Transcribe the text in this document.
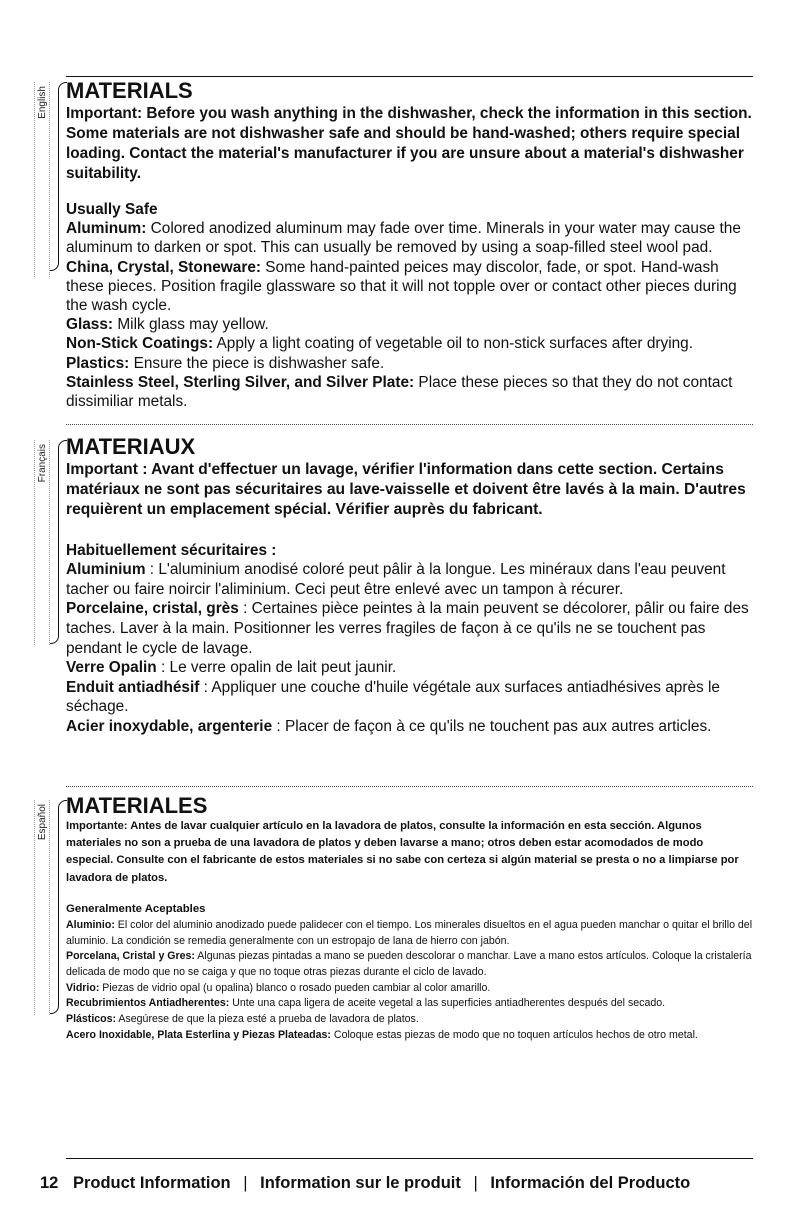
English MATERIALS

Important: Before you wash anything in the dishwasher, check the information in this section. Some materials are not dishwasher safe and should be hand-washed; others require special loading. Contact the material's manufacturer if you are unsure about a material's dishwasher suitability.

Usually Safe

Aluminum: Colored anodized aluminum may fade over time. Minerals in your water may cause the aluminum to darken or spot. This can usually be removed by using a soap-filled steel wool pad.

China, Crystal, Stoneware: Some hand-painted peices may discolor, fade, or spot. Hand-wash these pieces. Position fragile glassware so that it will not topple over or contact other pieces during the wash cycle.

Glass: Milk glass may yellow.

Non-Stick Coatings: Apply a light coating of vegetable oil to non-stick surfaces after drying.

Plastics: Ensure the piece is dishwasher safe.

Stainless Steel, Sterling Silver, and Silver Plate: Place these pieces so that they do not contact dissimiliar metals.

Français MATERIAUX

Important : Avant d'effectuer un lavage, vérifier l'information dans cette section. Certains matériaux ne sont pas sécuritaires au lave-vaisselle et doivent être lavés à la main. D'autres requièrent un emplacement spécial. Vérifier auprès du fabricant.

Habituellement sécuritaires :

Aluminium : L'aluminium anodisé coloré peut pâlir à la longue. Les minéraux dans l'eau peuvent tacher ou faire noircir l'aliminium. Ceci peut être enlevé avec un tampon à récurer.

Porcelaine, cristal, grès : Certaines pièce peintes à la main peuvent se décolorer, pâlir ou faire des taches. Laver à la main. Positionner les verres fragiles de façon à ce qu'ils ne se touchent pas pendant le cycle de lavage.

Verre Opalin : Le verre opalin de lait peut jaunir.

Enduit antiadhésif : Appliquer une couche d'huile végétale aux surfaces antiadhésives après le séchage.

Acier inoxydable, argenterie : Placer de façon à ce qu'ils ne touchent pas aux autres articles.

Español MATERIALES

Importante: Antes de lavar cualquier artículo en la lavadora de platos, consulte la información en esta sección. Algunos materiales no son a prueba de una lavadora de platos y deben lavarse a mano; otros deben estar acomodados de modo especial. Consulte con el fabricante de estos materiales si no sabe con certeza si algún material se presta o no a limpiarse por lavadora de platos.

Generalmente Aceptables

Aluminio: El color del aluminio anodizado puede palidecer con el tiempo. Los minerales disueltos en el agua pueden manchar o quitar el brillo del aluminio. La condición se remedia generalmente con un estropajo de lana de hierro con jabón.

Porcelana, Cristal y Gres: Algunas piezas pintadas a mano se pueden descolorar o manchar. Lave a mano estos artículos. Coloque la cristalería delicada de modo que no se caiga y que no toque otras piezas durante el ciclo de lavado.

Vidrio: Piezas de vidrio opal (u opalina) blanco o rosado pueden cambiar al color amarillo.

Recubrimientos Antiadherentes: Unte una capa ligera de aceite vegetal a las superficies antiadherentes después del secado.

Plásticos: Asegúrese de que la pieza esté a prueba de lavadora de platos.

Acero Inoxidable, Plata Esterlina y Piezas Plateadas: Coloque estas piezas de modo que no toquen artículos hechos de otro metal.

12 Product Information | Information sur le produit | Información del Producto
